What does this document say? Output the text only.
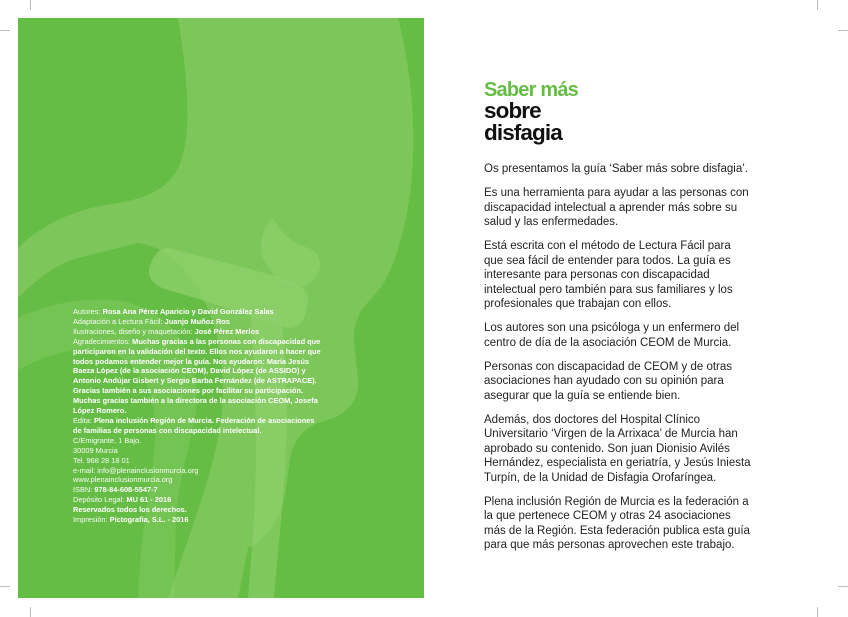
Autores: Rosa Ana Pérez Aparicio y David González Salas
Adaptación a Lectura Fácil: Juanjo Muñoz Ros
Ilustraciones, diseño y maquetación: José Pérez Merlos
Agradecimientos: Muchas gracias a las personas con discapacidad que
participaron en la validación del texto. Ellos nos ayudaron a hacer que
todos podamos entender mejor la guía. Nos ayudaron: María Jesús
Baeza López (de la asociación CEOM), David López (de ASSIDO) y
Antonio Andújar Gisbert y Sergio Barba Fernández (de ASTRAPACE).
Gracias también a sus asociaciones por facilitar su participación.
Muchas gracias también a la directora de la asociación CEOM, Josefa
López Romero.
Edita: Plena inclusión Región de Murcia. Federación de asociaciones
de familias de personas con discapacidad intelectual.
C/Emigrante, 1 Bajo.
30009 Murcia
Tel. 968 28 18 01
e-mail: info@plenainclusionmurcia.org
www.plenainclusionmurcia.org
ISBN: 978-84-608-5547-7
Depósito Legal: MU 61 - 2016
Reservados todos los derechos.
Impresión: Pictografía, S.L. - 2016
Saber más
sobre
disfagia

Os presentamos la guía ‘Saber más sobre disfagia’.

Es una herramienta para ayudar a las personas con
discapacidad intelectual a aprender más sobre su
salud y las enfermedades.

Está escrita con el método de Lectura Fácil para
que sea fácil de entender para todos. La guía es
interesante para personas con discapacidad
intelectual pero también para sus familiares y los
profesionales que trabajan con ellos.

Los autores son una psicóloga y un enfermero del
centro de día de la asociación CEOM de Murcia.

Personas con discapacidad de CEOM y de otras
asociaciones han ayudado con su opinión para
asegurar que la guía se entiende bien.

Además, dos doctores del Hospital Clínico
Universitario ‘Virgen de la Arrixaca’ de Murcia han
aprobado su contenido. Son juan Dionisio Avilés
Hernández, especialista en geriatría, y Jesús Iniesta
Turpín, de la Unidad de Disfagia Orofaríngea.

Plena inclusión Región de Murcia es la federación a
la que pertenece CEOM y otras 24 asociaciones
más de la Región. Esta federación publica esta guía
para que más personas aprovechen este trabajo.
